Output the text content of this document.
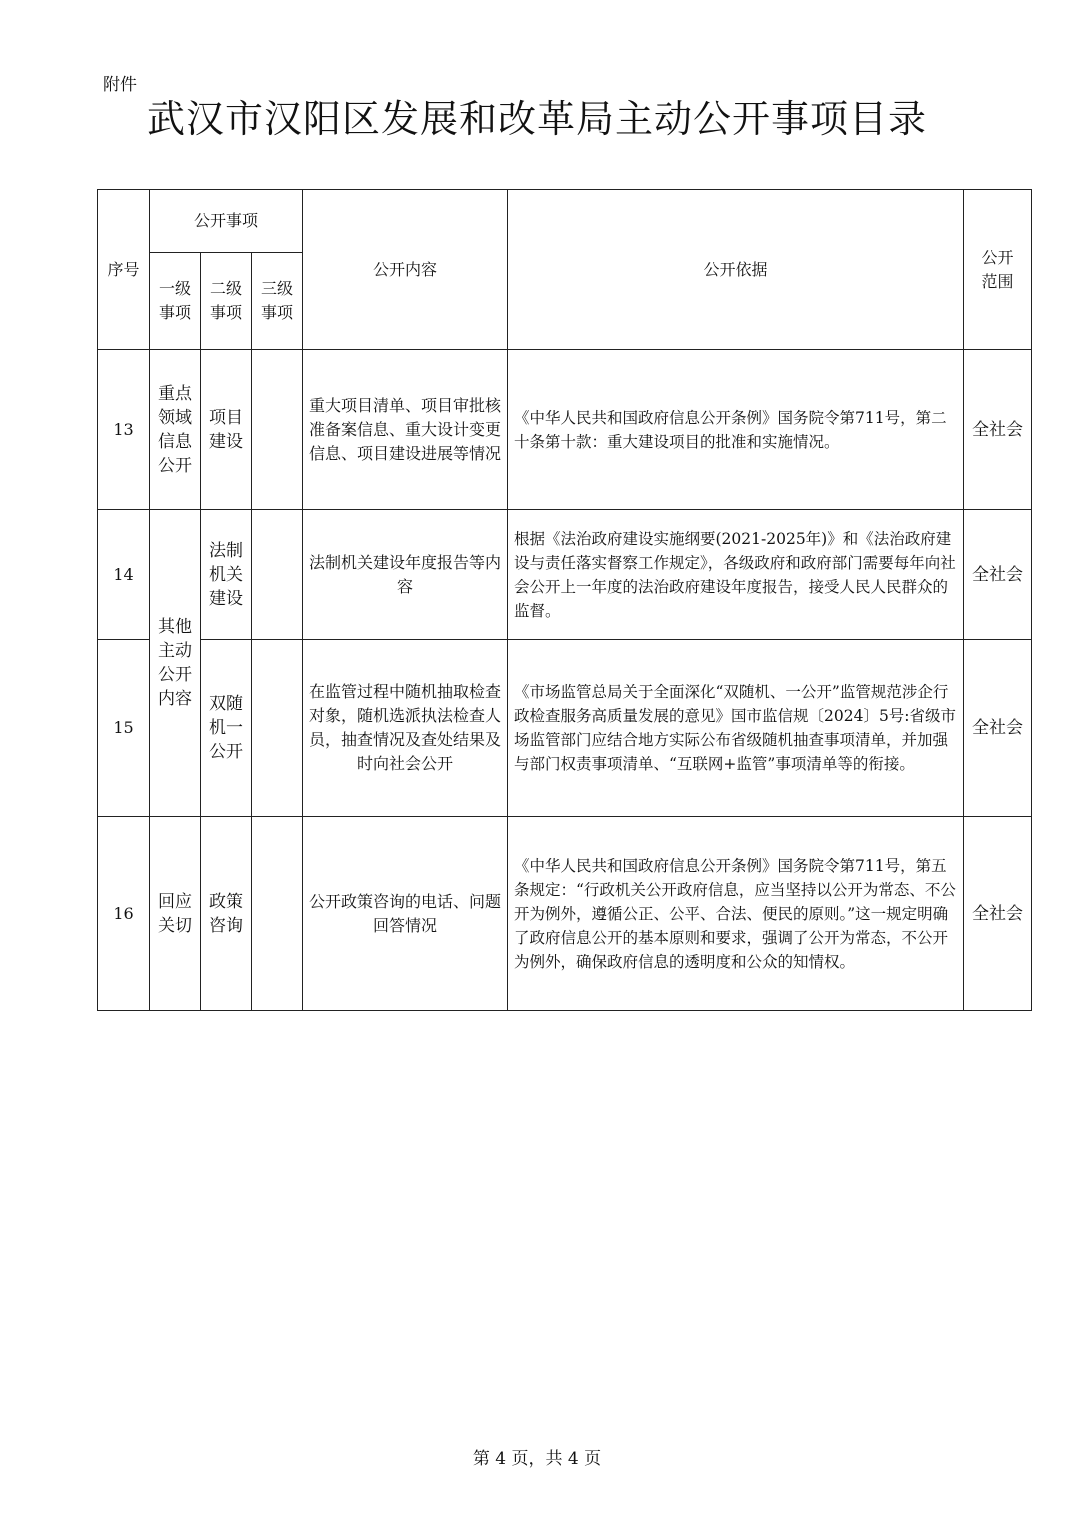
附件
武汉市汉阳区发展和改革局主动公开事项目录
序号	公开事项			公开内容	公开依据	公开范围

	一级事项	二级事项	三级事项			

13	重点领域信息公开	项目建设		重大项目清单、项目审批核准备案信息、重大设计变更信息、项目建设进展等情况	《中华人民共和国政府信息公开条例》国务院令第711号，第二十条第十款：重大建设项目的批准和实施情况。	全社会
14	其他主动公开内容	法制机关建设		法制机关建设年度报告等内容	根据《法治政府建设实施纲要(2021-2025年)》和《法治政府建设与责任落实督察工作规定》，各级政府和政府部门需要每年向社会公开上一年度的法治政府建设年度报告，接受人民人民群众的监督。	全社会
15		双随机一公开		在监管过程中随机抽取检查对象，随机选派执法检查人员，抽查情况及查处结果及时向社会公开	《市场监管总局关于全面深化“双随机、一公开”监管规范涉企行政检查服务高质量发展的意见》国市监信规〔2024〕5号:省级市场监管部门应结合地方实际公布省级随机抽查事项清单，并加强与部门权责事项清单、“互联网+监管”事项清单等的衔接。	全社会
16	回应关切	政策咨询		公开政策咨询的电话、问题回答情况	《中华人民共和国政府信息公开条例》国务院令第711号，第五条规定：“行政机关公开政府信息，应当坚持以公开为常态、不公开为例外，遵循公正、公平、合法、便民的原则。”这一规定明确了政府信息公开的基本原则和要求，强调了公开为常态，不公开为例外，确保政府信息的透明度和公众的知情权。	全社会
第 4 页，共 4 页
